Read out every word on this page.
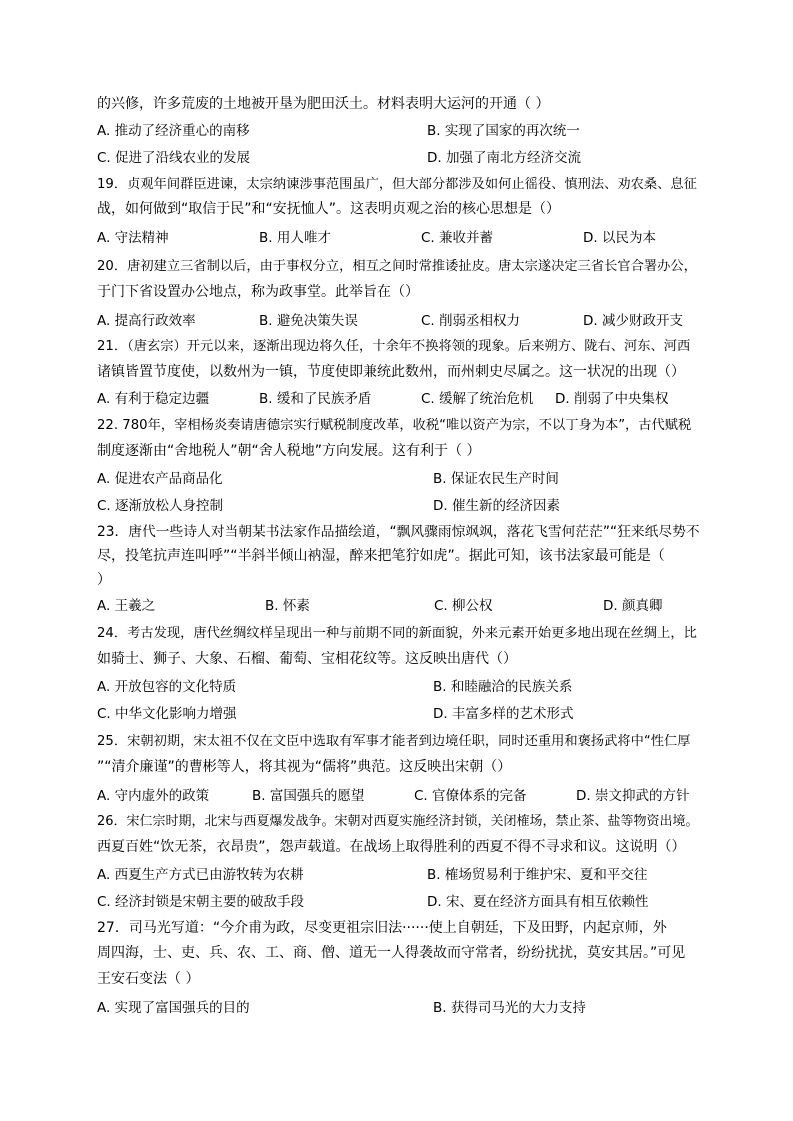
的兴修，许多荒废的土地被开垦为肥田沃土。材料表明大运河的开通（ ）
A. 推动了经济重心的南移	B. 实现了国家的再次统一
C. 促进了沿线农业的发展	D. 加强了南北方经济交流
19．贞观年间群臣进谏，太宗纳谏涉事范围虽广，但大部分都涉及如何止徭役、慎刑法、劝农桑、息征
战，如何做到“取信于民”和“安抚恤人”。这表明贞观之治的核心思想是（）
A. 守法精神	B. 用人唯才	C. 兼收并蓄	D. 以民为本
20．唐初建立三省制以后，由于事权分立，相互之间时常推诿扯皮。唐太宗遂决定三省长官合署办公，
于门下省设置办公地点，称为政事堂。此举旨在（）
A. 提高行政效率	B. 避免决策失误	C. 削弱丞相权力	D. 减少财政开支
21．（唐玄宗）开元以来，逐渐出现边将久任，十余年不换将领的现象。后来朔方、陇右、河东、河西
诸镇皆置节度使，以数州为一镇，节度使即兼统此数州，而州刺史尽属之。这一状况的出现（）
A. 有利于稳定边疆	B. 缓和了民族矛盾	C. 缓解了统治危机 D. 削弱了中央集权
22. 780年，宰相杨炎奏请唐德宗实行赋税制度改革，收税“唯以资产为宗，不以丁身为本”，古代赋税
制度逐渐由“舍地税人”朝“舍人税地”方向发展。这有利于（ ）
A. 促进农产品商品化	B. 保证农民生产时间
C. 逐渐放松人身控制	D. 催生新的经济因素
23．唐代一些诗人对当朝某书法家作品描绘道，“飘风骤雨惊飒飒，落花飞雪何茫茫”“狂来纸尽势不
尽，投笔抗声连叫呼”“半斜半倾山衲湿，醉来把笔狞如虎”。据此可知，该书法家最可能是（
）
A. 王羲之	B. 怀素	C. 柳公权	D. 颜真卿
24．考古发现，唐代丝绸纹样呈现出一种与前期不同的新面貌，外来元素开始更多地出现在丝绸上，比
如骑士、狮子、大象、石榴、葡萄、宝相花纹等。这反映出唐代（）
A. 开放包容的文化特质	B. 和睦融洽的民族关系
C. 中华文化影响力增强	D. 丰富多样的艺术形式
25．宋朝初期，宋太祖不仅在文臣中选取有军事才能者到边境任职，同时还重用和褒扬武将中“性仁厚
”“清介廉谨”的曹彬等人，将其视为“儒将”典范。这反映出宋朝（）
A. 守内虚外的政策	B. 富国强兵的愿望	C. 官僚体系的完备	D. 崇文抑武的方针
26．宋仁宗时期，北宋与西夏爆发战争。宋朝对西夏实施经济封锁，关闭榷场，禁止茶、盐等物资出境。
西夏百姓“饮无茶，衣昂贵”，怨声载道。在战场上取得胜利的西夏不得不寻求和议。这说明（）
A. 西夏生产方式已由游牧转为农耕	B. 榷场贸易利于维护宋、夏和平交往
C. 经济封锁是宋朝主要的破敌手段	D. 宋、夏在经济方面具有相互依赖性
27．司马光写道：“今介甫为政，尽变更祖宗旧法······使上自朝廷，下及田野，内起京师，外
周四海，士、吏、兵、农、工、商、僧、道无一人得袭故而守常者，纷纷扰扰，莫安其居。”可见
王安石变法（ ）
A. 实现了富国强兵的目的	B. 获得司马光的大力支持
